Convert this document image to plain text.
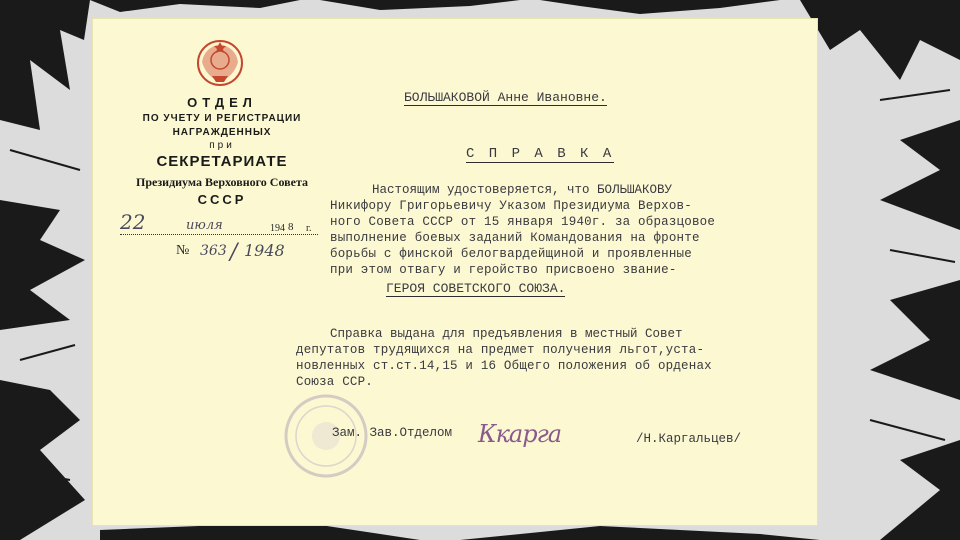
ОТДЕЛ
ПО УЧЕТУ И РЕГИСТРАЦИИ
НАГРАЖДЕННЫХ
при
СЕКРЕТАРИАТЕ
Президиума Верховного Совета
СССР
22	июля	194 8 г.
№ 363 / 1948
БОЛЬШАКОВОЙ Анне Ивановне.
С П Р А В К А
Настоящим удостоверяется, что БОЛЬШАКОВУ
Никифору Григорьевичу Указом Президиума Верхов-
ного Совета СССР от 15 января 1940г. за образцовое
выполнение боевых заданий Командования на фронте
борьбы с финской белогвардейщиной и проявленные
при этом отвагу и геройство присвоено звание-
ГЕРОЯ СОВЕТСКОГО СОЮЗА.
Справка выдана для предъявления в местный Совет
депутатов трудящихся на предмет получения льгот,уста-
новленных ст.ст.14,15 и 16 Общего положения об орденах
Союза ССР.
Зам. Зав.Отделом Ккарга	/Н.Каргальцев/
